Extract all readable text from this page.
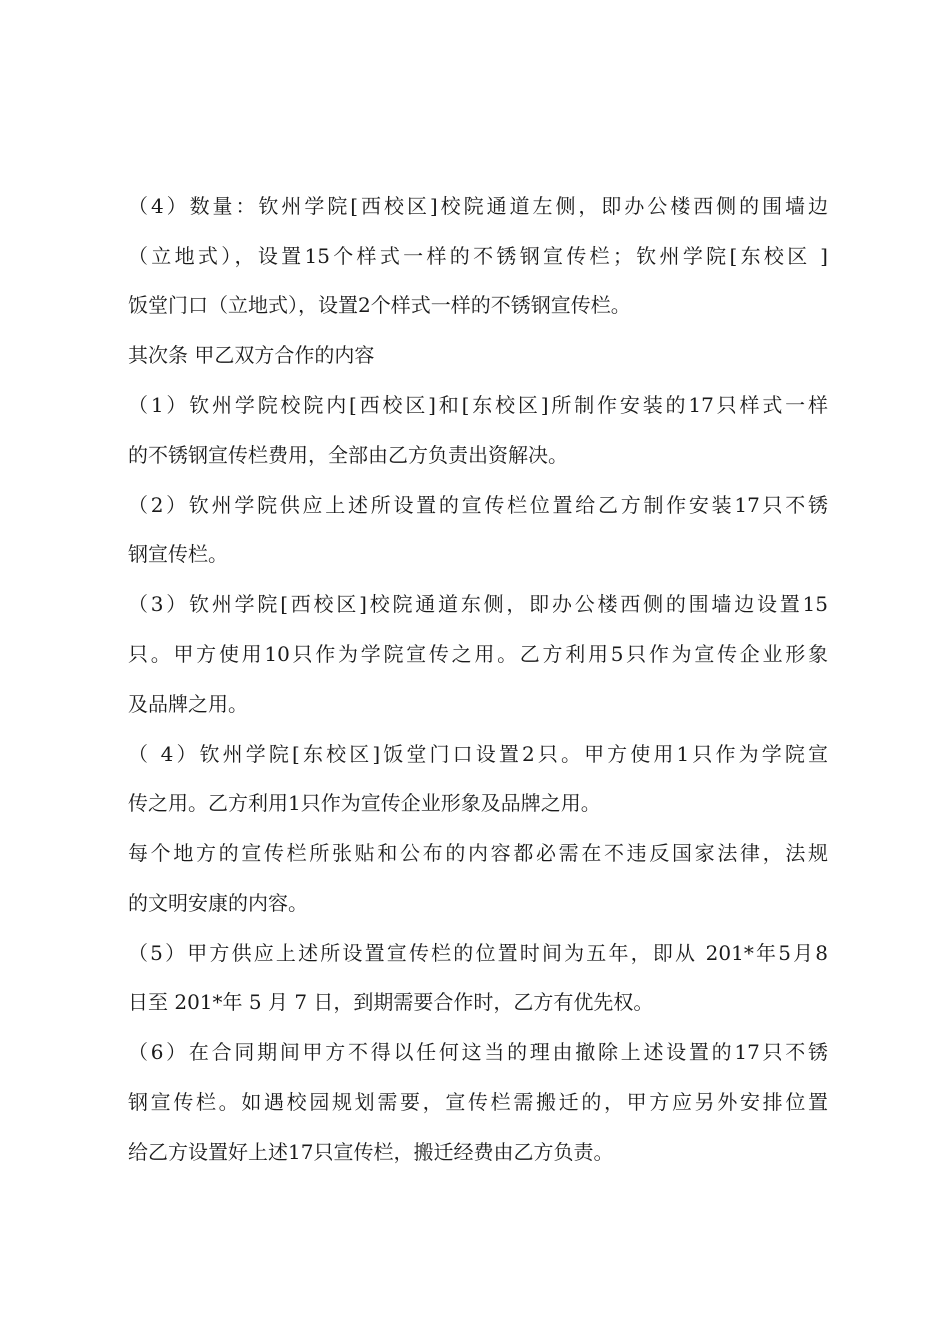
（4）数量：钦州学院[西校区]校院通道左侧，即办公楼西侧的围墙边
（立地式），设置15个样式一样的不锈钢宣传栏；钦州学院[东校区 ]
饭堂门口（立地式），设置2个样式一样的不锈钢宣传栏。
其次条 甲乙双方合作的内容
（1）钦州学院校院内[西校区]和[东校区]所制作安装的17只样式一样
的不锈钢宣传栏费用，全部由乙方负责出资解决。
（2）钦州学院供应上述所设置的宣传栏位置给乙方制作安装17只不锈
钢宣传栏。
（3）钦州学院[西校区]校院通道东侧，即办公楼西侧的围墙边设置15
只。甲方使用10只作为学院宣传之用。乙方利用5只作为宣传企业形象
及品牌之用。
（ 4）钦州学院[东校区]饭堂门口设置2只。甲方使用1只作为学院宣
传之用。乙方利用1只作为宣传企业形象及品牌之用。
每个地方的宣传栏所张贴和公布的内容都必需在不违反国家法律，法规
的文明安康的内容。
（5）甲方供应上述所设置宣传栏的位置时间为五年，即从 201*年5月8
日至 201*年 5 月 7 日，到期需要合作时，乙方有优先权。
（6）在合同期间甲方不得以任何这当的理由撤除上述设置的17只不锈
钢宣传栏。如遇校园规划需要，宣传栏需搬迁的，甲方应另外安排位置
给乙方设置好上述17只宣传栏，搬迁经费由乙方负责。
